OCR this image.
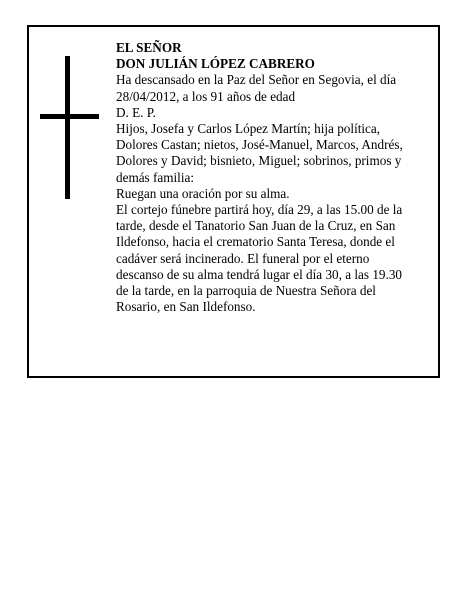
EL SEÑOR

DON JULIÁN LÓPEZ CABRERO

Ha descansado en la Paz del Señor en Segovia, el día 28/04/2012, a los 91 años de edad

D. E. P.

Hijos, Josefa y Carlos López Martín; hija política, Dolores Castan; nietos, José-Manuel, Marcos, Andrés, Dolores y David; bisnieto, Miguel; sobrinos, primos y demás familia:

Ruegan una oración por su alma.

El cortejo fúnebre partirá hoy, día 29, a las 15.00 de la tarde, desde el Tanatorio San Juan de la Cruz, en San Ildefonso, hacia el crematorio Santa Teresa, donde el cadáver será incinerado. El funeral por el eterno descanso de su alma tendrá lugar el día 30, a las 19.30 de la tarde, en la parroquia de Nuestra Señora del Rosario, en San Ildefonso.
